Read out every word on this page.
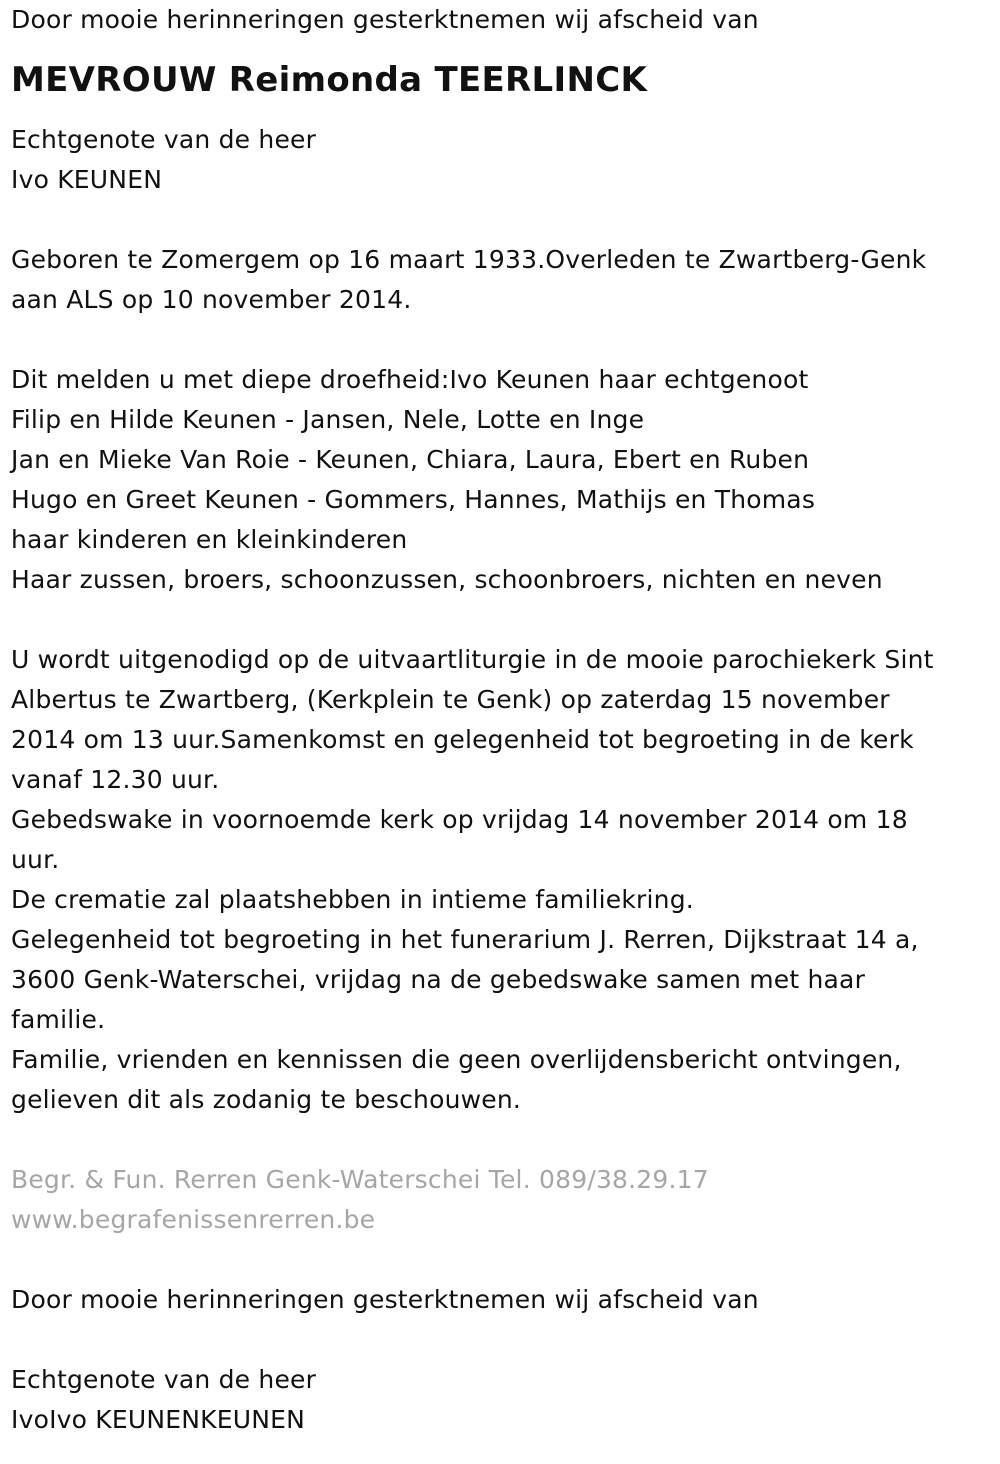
Door mooie herinneringen gesterktnemen wij afscheid van
MEVROUW Reimonda TEERLINCK
Echtgenote van de heer
Ivo KEUNEN
Geboren te Zomergem op 16 maart 1933.Overleden te Zwartberg-Genk
aan ALS op 10 november 2014.
Dit melden u met diepe droefheid:Ivo Keunen haar echtgenoot
Filip en Hilde Keunen - Jansen, Nele, Lotte en Inge
Jan en Mieke Van Roie - Keunen, Chiara, Laura, Ebert en Ruben
Hugo en Greet Keunen - Gommers, Hannes, Mathijs en Thomas
haar kinderen en kleinkinderen
Haar zussen, broers, schoonzussen, schoonbroers, nichten en neven
U wordt uitgenodigd op de uitvaartliturgie in de mooie parochiekerk Sint
Albertus te Zwartberg, (Kerkplein te Genk) op zaterdag 15 november
2014 om 13 uur.Samenkomst en gelegenheid tot begroeting in de kerk
vanaf 12.30 uur.
Gebedswake in voornoemde kerk op vrijdag 14 november 2014 om 18
uur.
De crematie zal plaatshebben in intieme familiekring.
Gelegenheid tot begroeting in het funerarium J. Rerren, Dijkstraat 14 a,
3600 Genk-Waterschei, vrijdag na de gebedswake samen met haar
familie.
Familie, vrienden en kennissen die geen overlijdensbericht ontvingen,
gelieven dit als zodanig te beschouwen.
Begr. & Fun. Rerren Genk-Waterschei Tel. 089/38.29.17
www.begrafenissenrerren.be
Door mooie herinneringen gesterktnemen wij afscheid van
Echtgenote van de heer
IvoIvo KEUNENKEUNEN
